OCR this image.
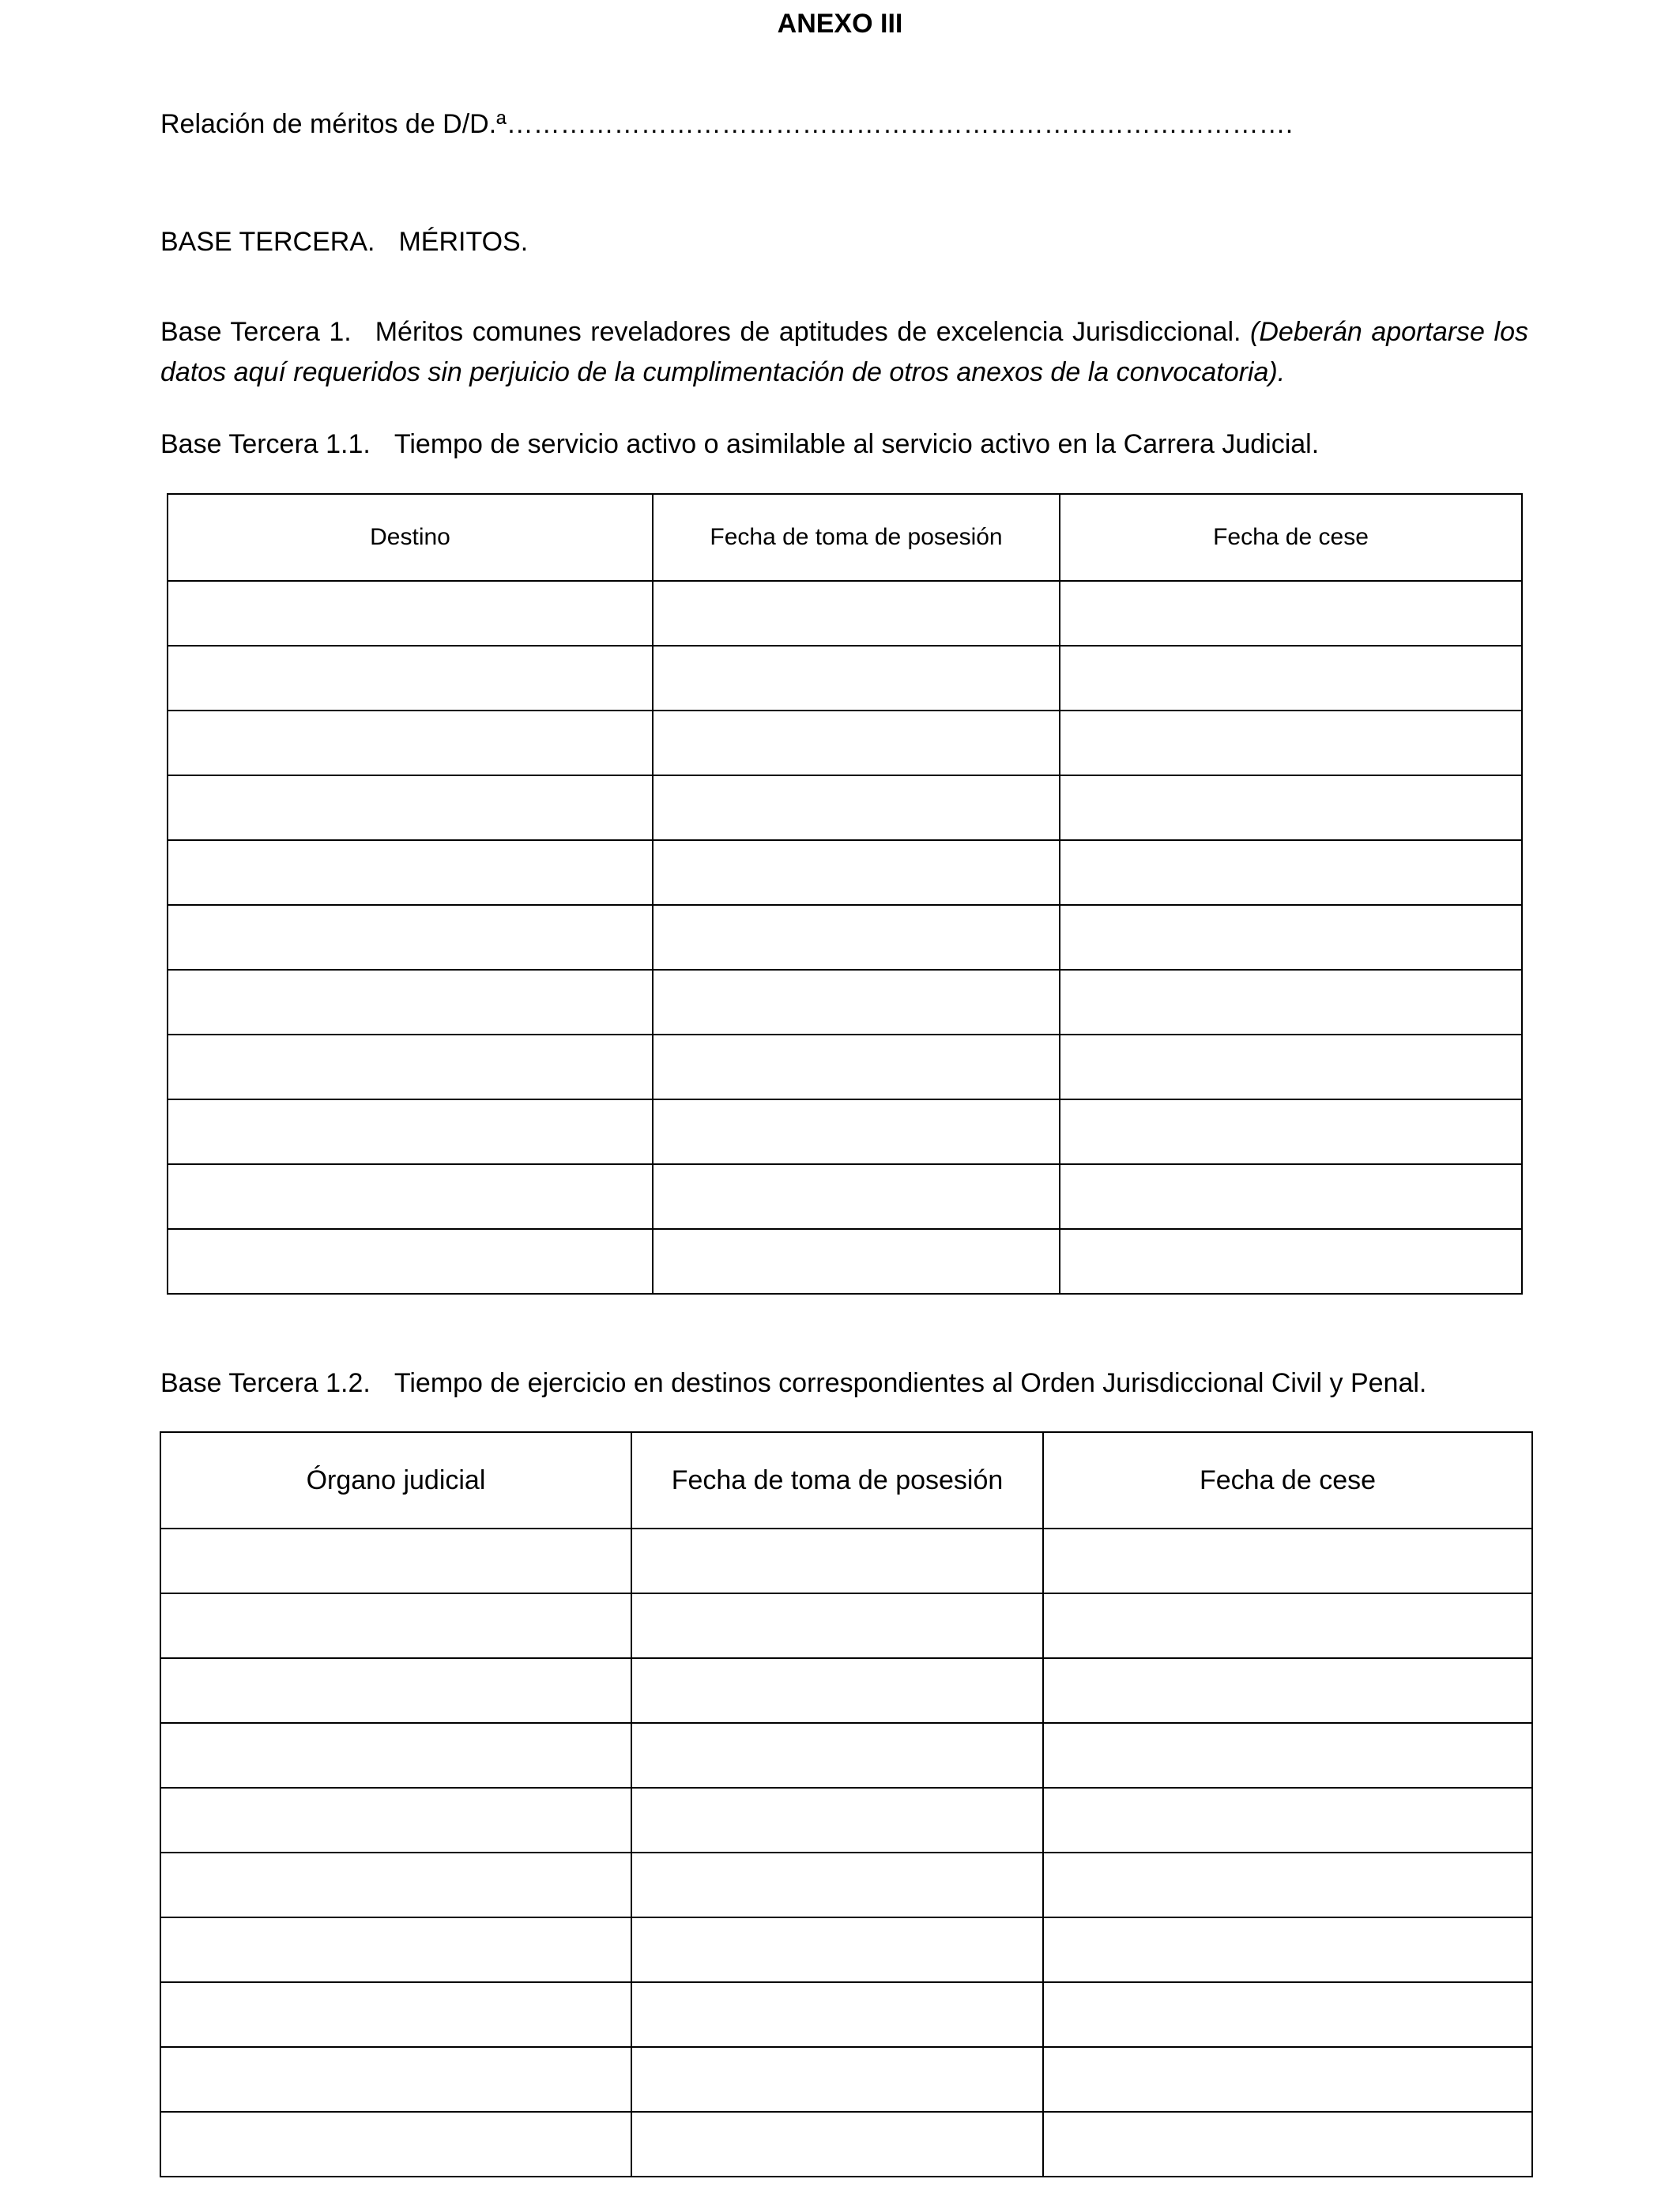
ANEXO III
Relación de méritos de D/D.ª…………………………………………………………………………….
BASE TERCERA. MÉRITOS.
Base Tercera 1. Méritos comunes reveladores de aptitudes de excelencia Jurisdiccional. (Deberán aportarse los datos aquí requeridos sin perjuicio de la cumplimentación de otros anexos de la convocatoria).
Base Tercera 1.1. Tiempo de servicio activo o asimilable al servicio activo en la Carrera Judicial.
Destino	Fecha de toma de posesión	Fecha de cese

Base Tercera 1.2. Tiempo de ejercicio en destinos correspondientes al Orden Jurisdiccional Civil y Penal.
Órgano judicial	Fecha de toma de posesión	Fecha de cese
